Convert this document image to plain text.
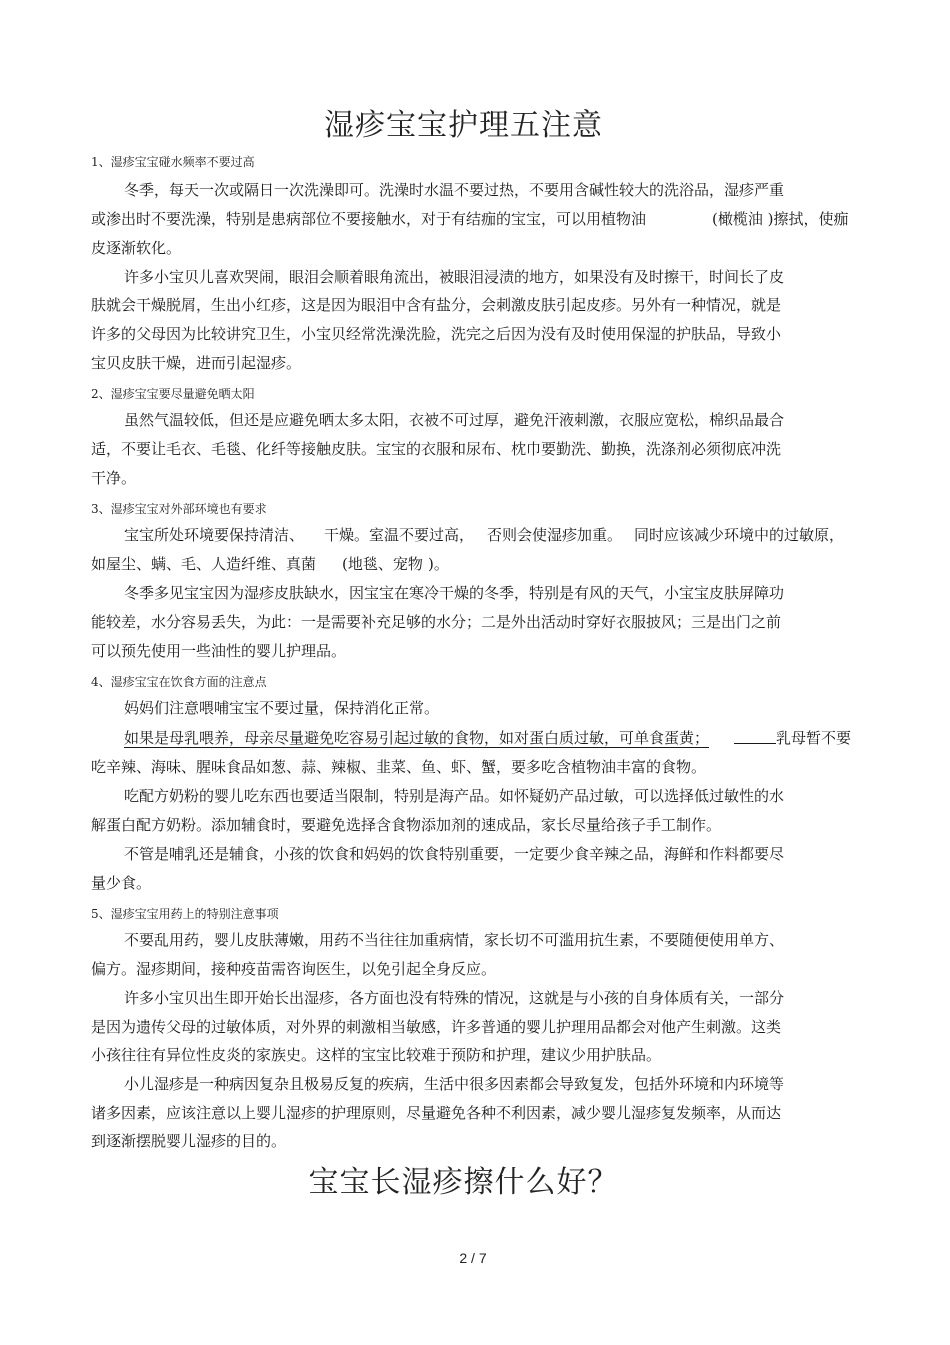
湿疹宝宝护理五注意

1、湿疹宝宝碰水频率不要过高

冬季，每天一次或隔日一次洗澡即可。洗澡时水温不要过热，不要用含碱性较大的洗浴品，湿疹严重

或渗出时不要洗澡，特别是患病部位不要接触水，对于有结痂的宝宝，可以用植物油	(橄榄油 )擦拭，使痂

皮逐渐软化。

许多小宝贝儿喜欢哭闹，眼泪会顺着眼角流出，被眼泪浸渍的地方，如果没有及时擦干，时间长了皮

肤就会干燥脱屑，生出小红疹，这是因为眼泪中含有盐分，会刺激皮肤引起皮疹。另外有一种情况，就是

许多的父母因为比较讲究卫生，小宝贝经常洗澡洗脸，洗完之后因为没有及时使用保湿的护肤品，导致小

宝贝皮肤干燥，进而引起湿疹。

2、湿疹宝宝要尽量避免晒太阳

虽然气温较低，但还是应避免晒太多太阳，衣被不可过厚，避免汗液刺激，衣服应宽松，棉织品最合

适，不要让毛衣、毛毯、化纤等接触皮肤。宝宝的衣服和尿布、枕巾要勤洗、勤换，洗涤剂必须彻底冲洗

干净。

3、湿疹宝宝对外部环境也有要求

宝宝所处环境要保持清洁、 干燥。室温不要过高， 否则会使湿疹加重。 同时应该减少环境中的过敏原，

如屋尘、螨、毛、人造纤维、真菌 (地毯、宠物 )。

冬季多见宝宝因为湿疹皮肤缺水，因宝宝在寒冷干燥的冬季，特别是有风的天气，小宝宝皮肤屏障功

能较差，水分容易丢失，为此：一是需要补充足够的水分；二是外出活动时穿好衣服披风；三是出门之前

可以预先使用一些油性的婴儿护理品。

4、湿疹宝宝在饮食方面的注意点

妈妈们注意喂哺宝宝不要过量，保持消化正常。

如果是母乳喂养，母亲尽量避免吃容易引起过敏的食物，如对蛋白质过敏，可单食蛋黄；	乳母暂不要

吃辛辣、海味、腥味食品如葱、蒜、辣椒、韭菜、鱼、虾、蟹，要多吃含植物油丰富的食物。

吃配方奶粉的婴儿吃东西也要适当限制，特别是海产品。如怀疑奶产品过敏，可以选择低过敏性的水

解蛋白配方奶粉。添加辅食时，要避免选择含食物添加剂的速成品，家长尽量给孩子手工制作。

不管是哺乳还是辅食，小孩的饮食和妈妈的饮食特别重要，一定要少食辛辣之品，海鲜和作料都要尽

量少食。

5、湿疹宝宝用药上的特别注意事项

不要乱用药，婴儿皮肤薄嫩，用药不当往往加重病情，家长切不可滥用抗生素，不要随便使用单方、

偏方。湿疹期间，接种疫苗需咨询医生，以免引起全身反应。

许多小宝贝出生即开始长出湿疹，各方面也没有特殊的情况，这就是与小孩的自身体质有关，一部分

是因为遗传父母的过敏体质，对外界的刺激相当敏感，许多普通的婴儿护理用品都会对他产生刺激。这类

小孩往往有异位性皮炎的家族史。这样的宝宝比较难于预防和护理，建议少用护肤品。

小儿湿疹是一种病因复杂且极易反复的疾病，生活中很多因素都会导致复发，包括外环境和内环境等

诸多因素，应该注意以上婴儿湿疹的护理原则，尽量避免各种不利因素，减少婴儿湿疹复发频率，从而达

到逐渐摆脱婴儿湿疹的目的。

宝宝长湿疹擦什么好？
2 / 7
